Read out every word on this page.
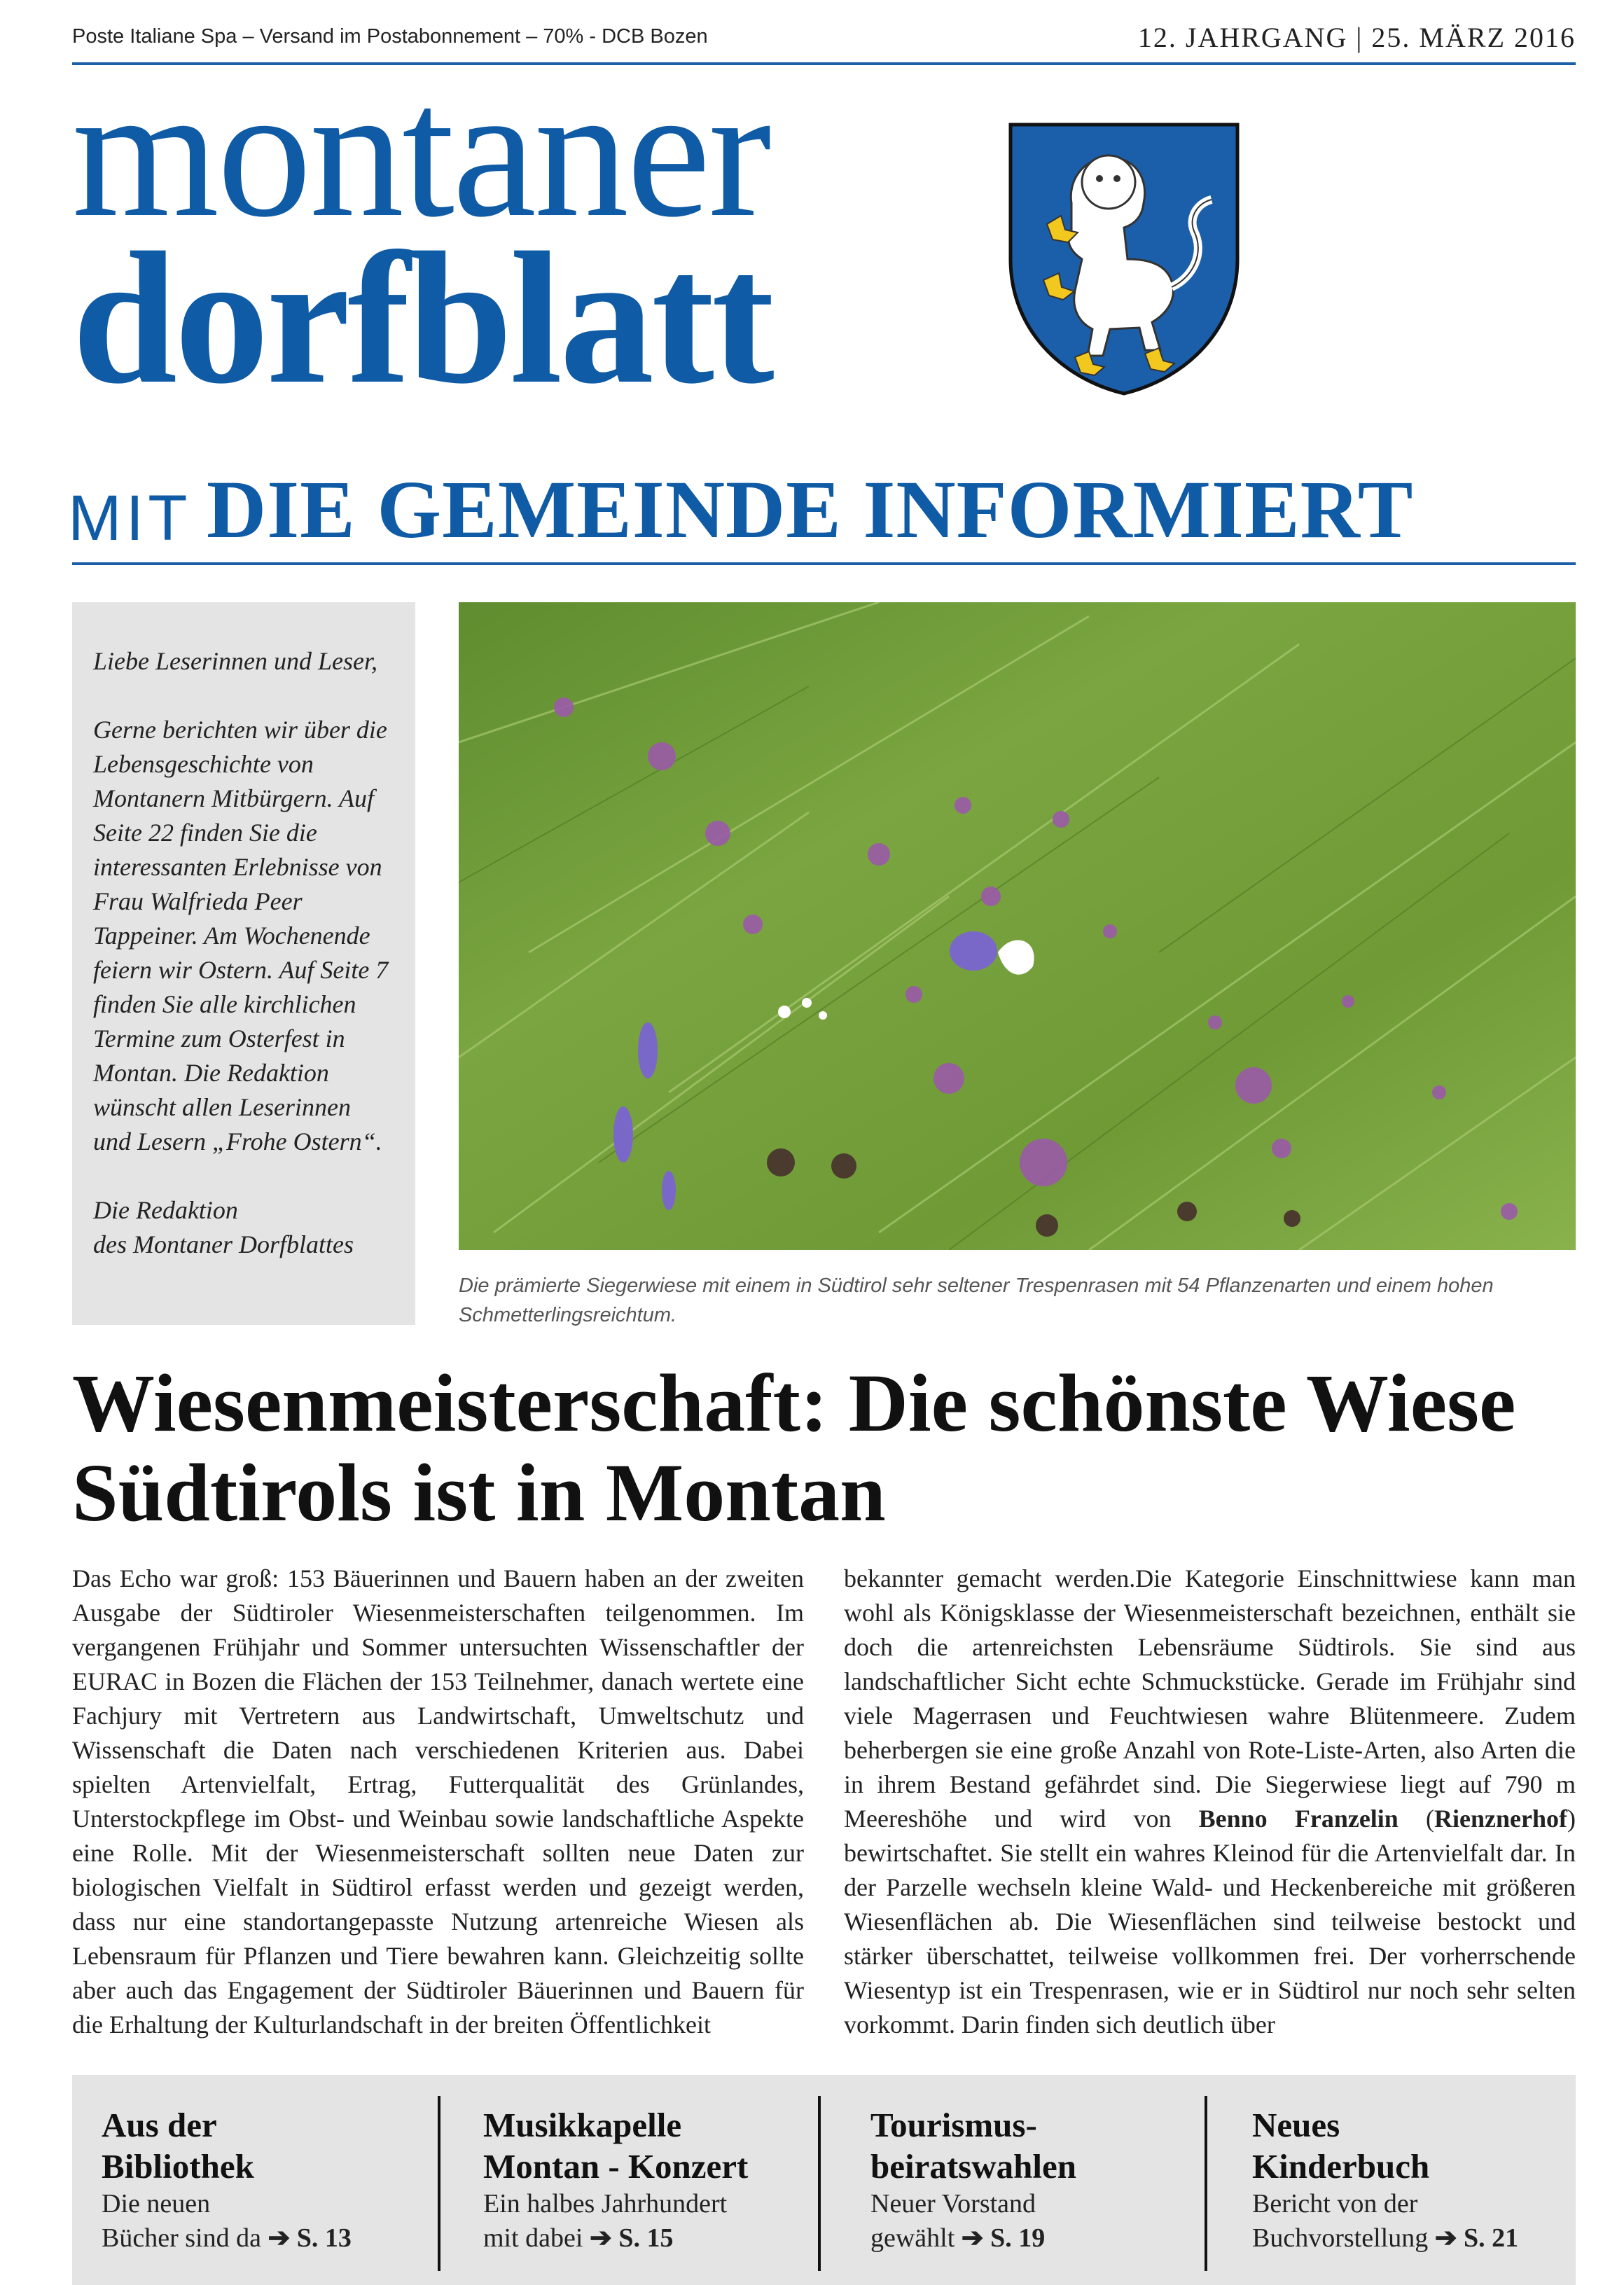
Poste Italiane Spa – Versand im Postabonnement – 70% - DCB Bozen	12. JAHRGANG | 25. MÄRZ 2016
montaner
dorfblatt
MIT DIE GEMEINDE INFORMIERT

Liebe Leserinnen und Leser,

Gerne berichten wir über die Lebensgeschichte von Montanern Mitbürgern. Auf Seite 22 finden Sie die interessanten Erlebnisse von Frau Walfrieda Peer Tappeiner. Am Wochenende feiern wir Ostern. Auf Seite 7 finden Sie alle kirchlichen Termine zum Osterfest in Montan. Die Redaktion wünscht allen Leserinnen und Lesern „Frohe Ostern“.

Die Redaktion

des Montaner Dorfblattes

Die prämierte Siegerwiese mit einem in Südtirol sehr seltener Trespenrasen mit 54 Pflanzenarten und einem hohen Schmetterlingsreichtum.
Wiesenmeisterschaft: Die schönste Wiese Südtirols ist in Montan
Das Echo war groß: 153 Bäuerinnen und Bauern haben an der zweiten Ausgabe der Südtiroler Wiesenmeisterschaften teilgenommen. Im vergangenen Frühjahr und Sommer untersuchten Wissenschaftler der EURAC in Bozen die Flächen der 153 Teilnehmer, danach wertete eine Fachjury mit Vertretern aus Landwirtschaft, Umweltschutz und Wissenschaft die Daten nach verschiedenen Kriterien aus. Dabei spielten Artenvielfalt, Ertrag, Futterqualität des Grünlandes, Unterstockpflege im Obst- und Weinbau sowie landschaftliche Aspekte eine Rolle. Mit der Wiesenmeisterschaft sollten neue Daten zur biologischen Vielfalt in Südtirol erfasst werden und gezeigt werden, dass nur eine standortangepasste Nutzung artenreiche Wiesen als Lebensraum für Pflanzen und Tiere bewahren kann. Gleichzeitig sollte aber auch das Engagement der Südtiroler Bäuerinnen und Bauern für die Erhaltung der Kulturlandschaft in der breiten Öffentlichkeit
bekannter gemacht werden.Die Kategorie Einschnittwiese kann man wohl als Königsklasse der Wiesenmeisterschaft bezeichnen, enthält sie doch die artenreichsten Lebensräume Südtirols. Sie sind aus landschaftlicher Sicht echte Schmuckstücke. Gerade im Frühjahr sind viele Magerrasen und Feuchtwiesen wahre Blütenmeere. Zudem beherbergen sie eine große Anzahl von Rote-Liste-Arten, also Arten die in ihrem Bestand gefährdet sind. Die Siegerwiese liegt auf 790 m Meereshöhe und wird von Benno Franzelin (Rienznerhof) bewirtschaftet. Sie stellt ein wahres Kleinod für die Artenvielfalt dar. In der Parzelle wechseln kleine Wald- und Heckenbereiche mit größeren Wiesenflächen ab. Die Wiesenflächen sind teilweise bestockt und stärker überschattet, teilweise vollkommen frei. Der vorherrschende Wiesentyp ist ein Trespenrasen, wie er in Südtirol nur noch sehr selten vorkommt. Darin finden sich deutlich über
Aus der
Bibliothek
Die neuen
Bücher sind da ➔ S. 13
Musikkapelle
Montan - Konzert
Ein halbes Jahrhundert
mit dabei ➔ S. 15
Tourismus-
beiratswahlen
Neuer Vorstand
gewählt ➔ S. 19
Neues
Kinderbuch
Bericht von der
Buchvorstellung ➔ S. 21
